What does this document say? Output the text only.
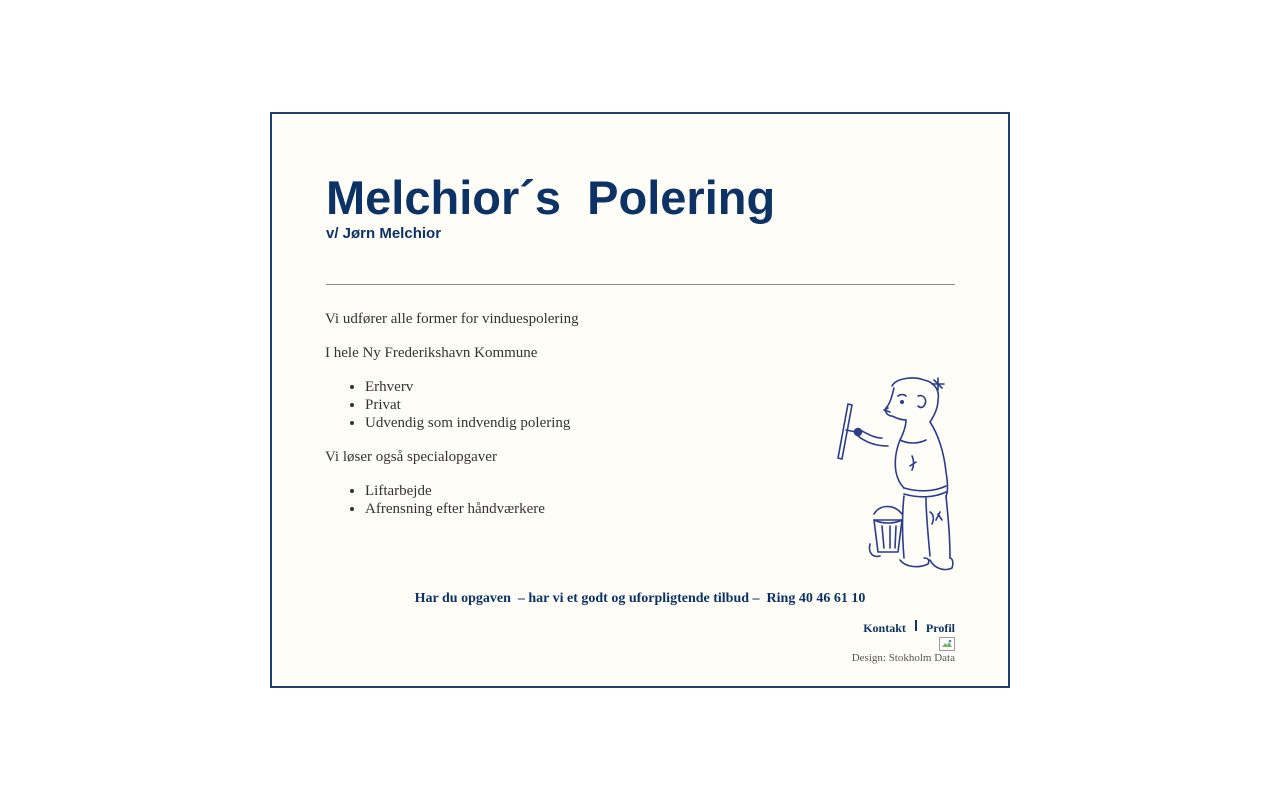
Melchior´s  Polering
v/ Jørn Melchior

Vi udfører alle former for vinduespolering

I hele Ny Frederikshavn Kommune

• Erhverv
• Privat
• Udvendig som indvendig polering

Vi løser også specialopgaver

• Liftarbejde
• Afrensning efter håndværkere
Har du opgaven  – har vi et godt og uforpligtende tilbud –  Ring 40 46 61 10
Kontakt Profil
Design: Stokholm Data
